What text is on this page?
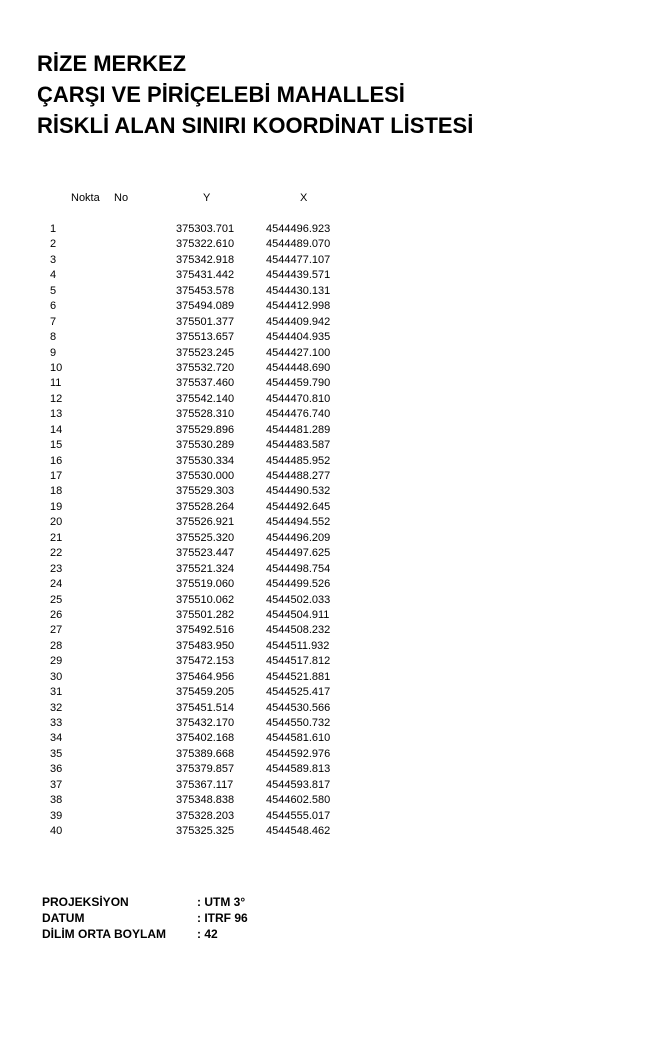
RİZE MERKEZ
ÇARŞI VE PİRİÇELEBİ MAHALLESİ
RİSKLİ ALAN SINIRI KOORDİNAT LİSTESİ
Nokta No	Y	X
1	375303.701	4544496.923
2	375322.610	4544489.070
3	375342.918	4544477.107
4	375431.442	4544439.571
5	375453.578	4544430.131
6	375494.089	4544412.998
7	375501.377	4544409.942
8	375513.657	4544404.935
9	375523.245	4544427.100
10	375532.720	4544448.690
11	375537.460	4544459.790
12	375542.140	4544470.810
13	375528.310	4544476.740
14	375529.896	4544481.289
15	375530.289	4544483.587
16	375530.334	4544485.952
17	375530.000	4544488.277
18	375529.303	4544490.532
19	375528.264	4544492.645
20	375526.921	4544494.552
21	375525.320	4544496.209
22	375523.447	4544497.625
23	375521.324	4544498.754
24	375519.060	4544499.526
25	375510.062	4544502.033
26	375501.282	4544504.911
27	375492.516	4544508.232
28	375483.950	4544511.932
29	375472.153	4544517.812
30	375464.956	4544521.881
31	375459.205	4544525.417
32	375451.514	4544530.566
33	375432.170	4544550.732
34	375402.168	4544581.610
35	375389.668	4544592.976
36	375379.857	4544589.813
37	375367.117	4544593.817
38	375348.838	4544602.580
39	375328.203	4544555.017
40	375325.325	4544548.462
PROJEKSİYON	: UTM 3°
DATUM	: ITRF 96
DİLİM ORTA BOYLAM	: 42
